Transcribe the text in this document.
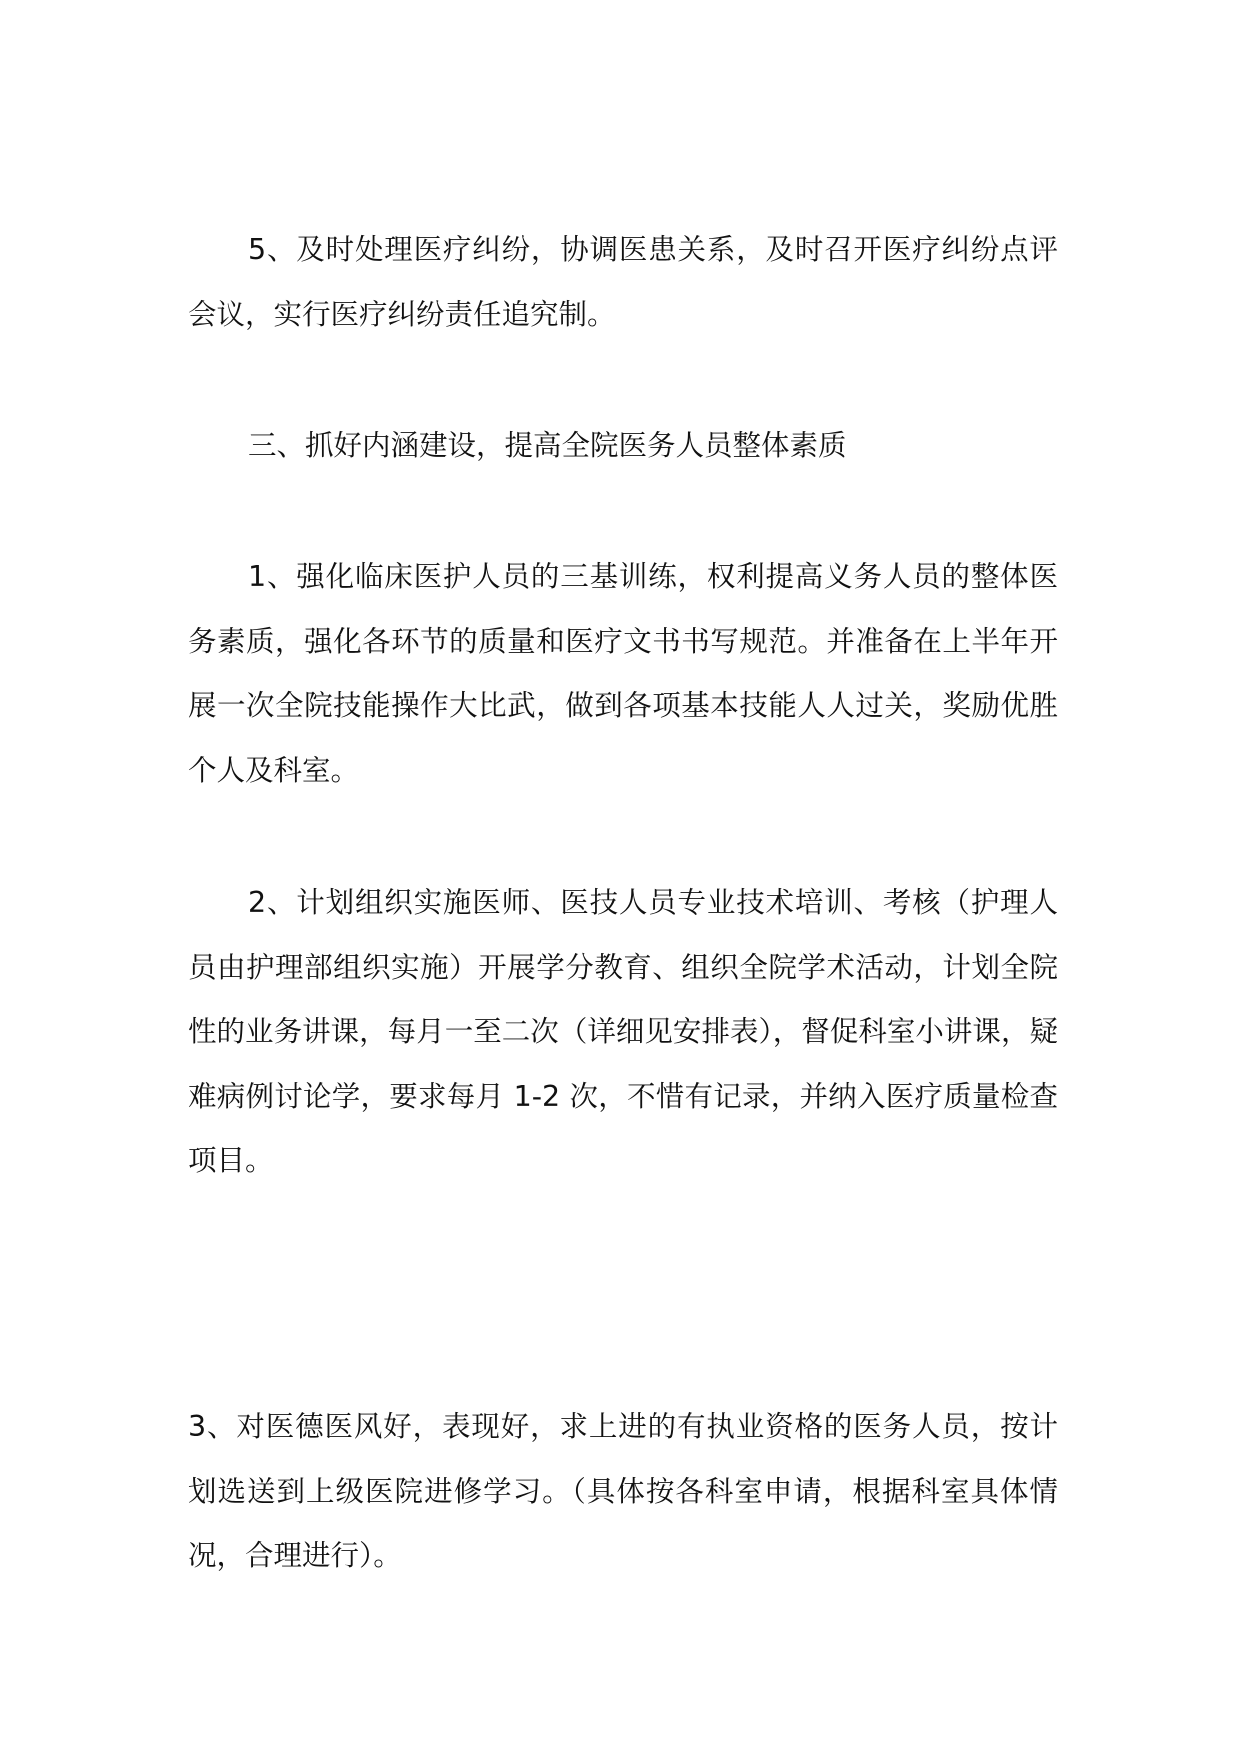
5、及时处理医疗纠纷，协调医患关系，及时召开医疗纠纷点评会议，实行医疗纠纷责任追究制。

三、抓好内涵建设，提高全院医务人员整体素质

1、强化临床医护人员的三基训练，权利提高义务人员的整体医务素质，强化各环节的质量和医疗文书书写规范。并准备在上半年开展一次全院技能操作大比武，做到各项基本技能人人过关，奖励优胜个人及科室。

2、计划组织实施医师、医技人员专业技术培训、考核（护理人员由护理部组织实施）开展学分教育、组织全院学术活动，计划全院性的业务讲课，每月一至二次（详细见安排表），督促科室小讲课，疑难病例讨论学，要求每月 1-2 次，不惜有记录，并纳入医疗质量检查项目。

3、对医德医风好，表现好，求上进的有执业资格的医务人员，按计划选送到上级医院进修学习。（具体按各科室申请，根据科室具体情况，合理进行）。
